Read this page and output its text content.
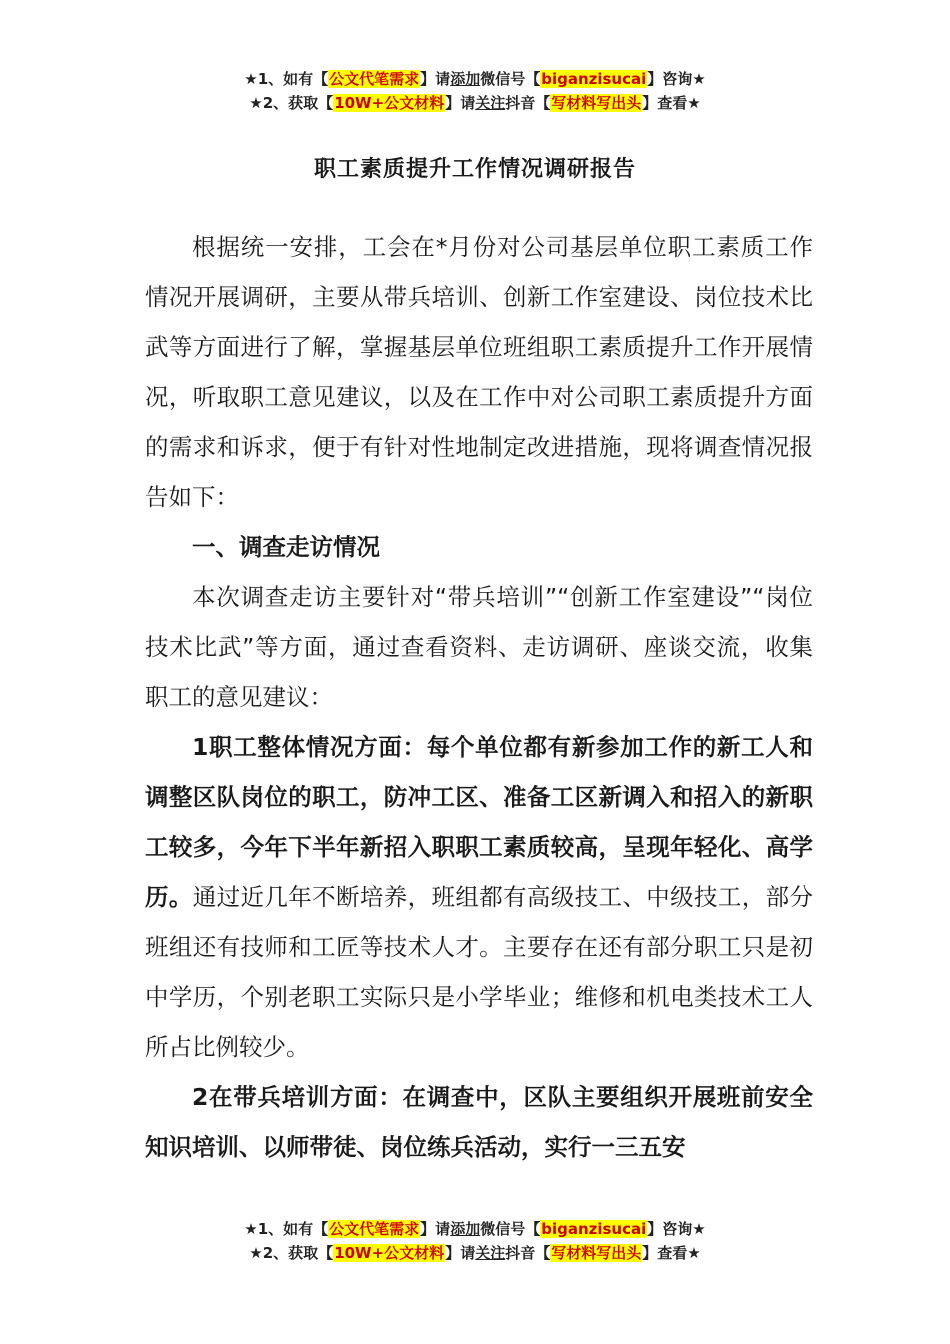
★1、如有【公文代笔需求】请添加微信号【biganzisucai】咨询★
★2、获取【10W+公文材料】请关注抖音【写材料写出头】查看★
职工素质提升工作情况调研报告

根据统一安排，工会在*月份对公司基层单位职工素质工作情况开展调研，主要从带兵培训、创新工作室建设、岗位技术比武等方面进行了解，掌握基层单位班组职工素质提升工作开展情况，听取职工意见建议，以及在工作中对公司职工素质提升方面的需求和诉求，便于有针对性地制定改进措施，现将调查情况报告如下：

一、调查走访情况

本次调查走访主要针对“带兵培训”“创新工作室建设”“岗位技术比武”等方面，通过查看资料、走访调研、座谈交流，收集职工的意见建议：

1职工整体情况方面：每个单位都有新参加工作的新工人和调整区队岗位的职工，防冲工区、准备工区新调入和招入的新职工较多，今年下半年新招入职职工素质较高，呈现年轻化、高学历。通过近几年不断培养，班组都有高级技工、中级技工，部分班组还有技师和工匠等技术人才。主要存在还有部分职工只是初中学历，个别老职工实际只是小学毕业；维修和机电类技术工人所占比例较少。

2在带兵培训方面：在调查中，区队主要组织开展班前安全知识培训、以师带徒、岗位练兵活动，实行一三五安

★1、如有【公文代笔需求】请添加微信号【biganzisucai】咨询★
★2、获取【10W+公文材料】请关注抖音【写材料写出头】查看★
